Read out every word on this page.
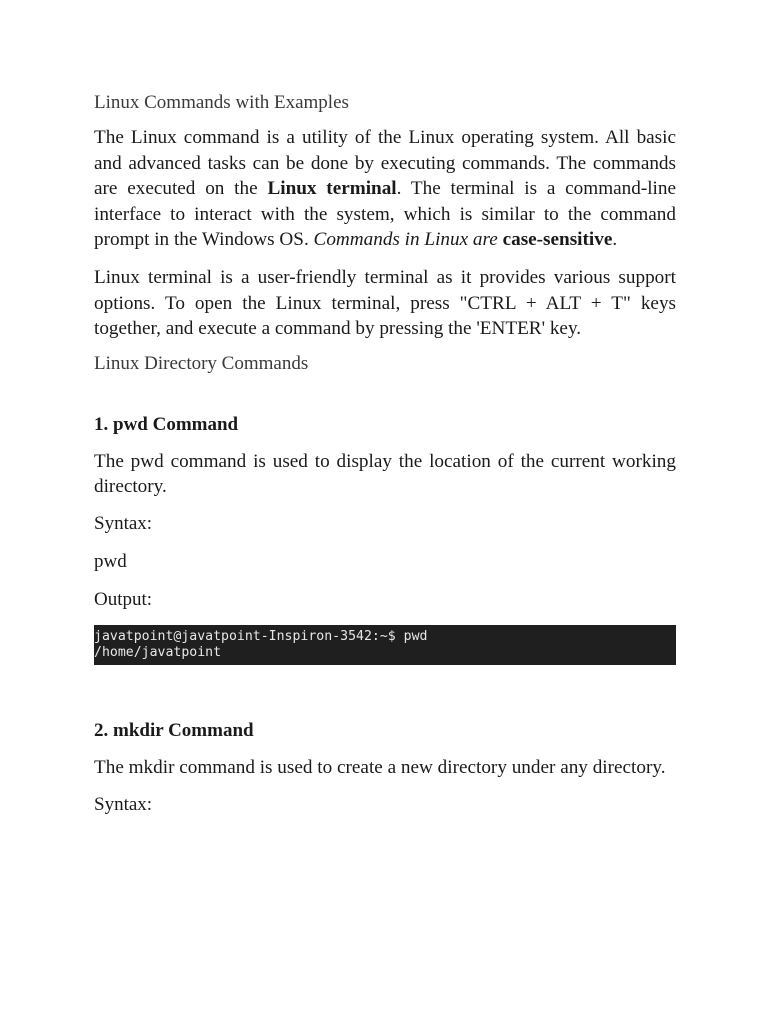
Linux Commands with Examples

The Linux command is a utility of the Linux operating system. All basic and advanced tasks can be done by executing commands. The commands are executed on the Linux terminal. The terminal is a command-line interface to interact with the system, which is similar to the command prompt in the Windows OS. Commands in Linux are case-sensitive.

Linux terminal is a user-friendly terminal as it provides various support options. To open the Linux terminal, press "CTRL + ALT + T" keys together, and execute a command by pressing the 'ENTER' key.

Linux Directory Commands

1. pwd Command

The pwd command is used to display the location of the current working directory.

Syntax:

pwd

Output:

javatpoint@javatpoint-Inspiron-3542:~$ pwd
/home/javatpoint

2. mkdir Command

The mkdir command is used to create a new directory under any directory.

Syntax:
